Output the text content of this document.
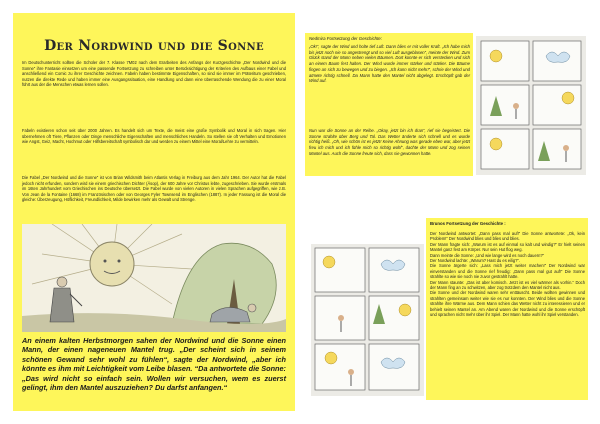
Der Nordwind und die Sonne

Im Deutschunterricht sollten die Schüler der 7. Klasse 7M02 nach dem Erarbeiten des Anfangs der Kurzgeschichte „Der Nordwind und die Sonne“ ihre Fantasie einsetzen um eine passende Fortsetzung zu schreiben unter Berücksichtigung der Kriterien des Aufbaus einer Fabel und anschließend ein Comic zu ihrer Geschichte zeichnen. Fabeln haben bestimmte Eigenschaften, so sind sie immer im Präteritum geschrieben, nutzen die direkte Rede und haben immer eine Ausgangssituation, eine Handlung und dann eine überraschende Wendung die zu einer Moral führt aus der die Menschen etwas lernen sollen.

Fabeln existieren schon seit über 2000 Jahren. Es handelt sich um Texte, die meist eine große Symbolik und Moral in sich tragen. Hier übernehmen oft Tiere, Pflanzen oder Dinge menschliche Eigenschaften und menschliches Handeln. So stellen sie oft Verhalten und Emotionen wie Angst, Geiz, Macht, Hochmut oder Hilfsbereitschaft symbolisch dar und werden zu einem Mittel eine Moral/Lehre zu vermitteln.

Die Fabel „Der Nordwind und die Sonne“ ist von Brian Wildsmith beim Atlantis Verlag in Freiburg aus dem Jahr 1964. Der Autor hat die Fabel jedoch nicht erfunden, sondern wird sie einem griechischen Dichter (Äsop), der 600 Jahre vor Christus lebte, zugeschrieben. Sie wurde erstmals im 16ten Jahrhundert vom Griechischen ins Deutsche übersetzt. Die Fabel wurde von vielen Autoren in vielen Sprachen aufgegriffen, wie z.B. Von Jean de la Fontaine (1668) im Französischen oder von Georges Fyler Townsend im Englischen (1887). In jeder Fassung ist die Moral die gleiche: Überzeugung, Höflichkeit, Freundlichkeit, Milde bewirken mehr als Gewalt und Strenge.

An einem kalten Herbstmorgen sahen der Nordwind und die Sonne einen Mann, der einen nageneuen Mantel trug. „Der scheint sich in seinem schönen Gewand sehr wohl zu fühlen“, sagte der Nordwind, „aber ich könnte es ihm mit Leichtigkeit vom Leibe blasen. “Da antwortete die Sonne: „Das wird nicht so einfach sein. Wollen wir versuchen, wem es zuerst gelingt, ihm den Mantel auszuziehen? Du darfst anfangen.“

Nedmira Fortsetzung der Geschichte:

„Ok!“, sagte der Wind und holte tief Luft. Dann blies er mit voller Kraft. „Ich habe mich bis jetzt noch nie so angestrengt und so viel Luft ausgeblasen“, meinte der Wind. Zum Glück stand der Mann neben vielen Bäumen. Dort konnte er sich verstecken und sich an einem Baum fest halten. Der Wind wurde immer stärker und stärker. Die Bäume fingen an sich zu bewegen und zu biegen. „Ich kann nicht mehr!“, schrie der Wind und atmete richtig schnell. Da Mann hatte den Mantel nicht abgelegt. Erschöpft gab der Wind auf.

Nun war die Sonne an der Reihe. „Okay, jetzt bin ich dran“, rief sie begeistert. Die Sonne strahlte über Berg und Tal. Das Wetter änderte sich schnell und es wurde richtig heiß. „Oh, wie schön ist es jetzt! Keine Ahnung was gerade eben war, aber jetzt freu ich mich und ich fühle mich so richtig wohl“, dachte der Mann und zog seinen Mantel aus. Auch die Sonne freute sich, dass sie gewonnen hatte.

Brunos Fortsetzung der Geschichte :

Der Nordwind antwortet: „Dann pass mal auf!“ Die Sonne antwortete: „Ok, kein Problem!“ Der Nordwind blies und blies und blies.

Der Mann fragte sich: „Warum ist es auf einmal so kalt und windig?“ Er hielt seinen Mantel ganz fest am Körper. Nur sein Hut flog weg.

Dann meinte die Sonne: „Und wie lange wird es noch dauern?“

Der Nordwind lachte: „Warum? Hast du es eilig?“.

Die Sonne ärgerte sich: „Lass mich jetzt weiter machen!“ Der Nordwind war einverstanden und die Sonne rief freudig: „Dann pass mal gut auf!“ Die Sonne strahlte so wie sie noch nie zuvor gestrahlt hatte.

Der Mann staunte: „Das ist aber komisch. Jetzt ist es viel wärmer als vorhin.“ Doch der Mann fing an zu schwitzen, aber zog trotzdem den Mantel nicht aus.

Die Sonne und der Nordwind waren sehr enttäuscht. Beide wollten gewinnen und strahlten gemeinsam weiter wie sie es nur konnten. Der Wind blies und die Sonne strahlte ihre Wärme aus. Dem Mann schien das Wetter nicht zu interessieren und er behielt seinen Mantel an. Am Abend waren der Nordwind und die Sonne erschöpft und sprachen nicht mehr über ihr Spiel. Der Mann hatte wohl ihr Spiel verstanden.
